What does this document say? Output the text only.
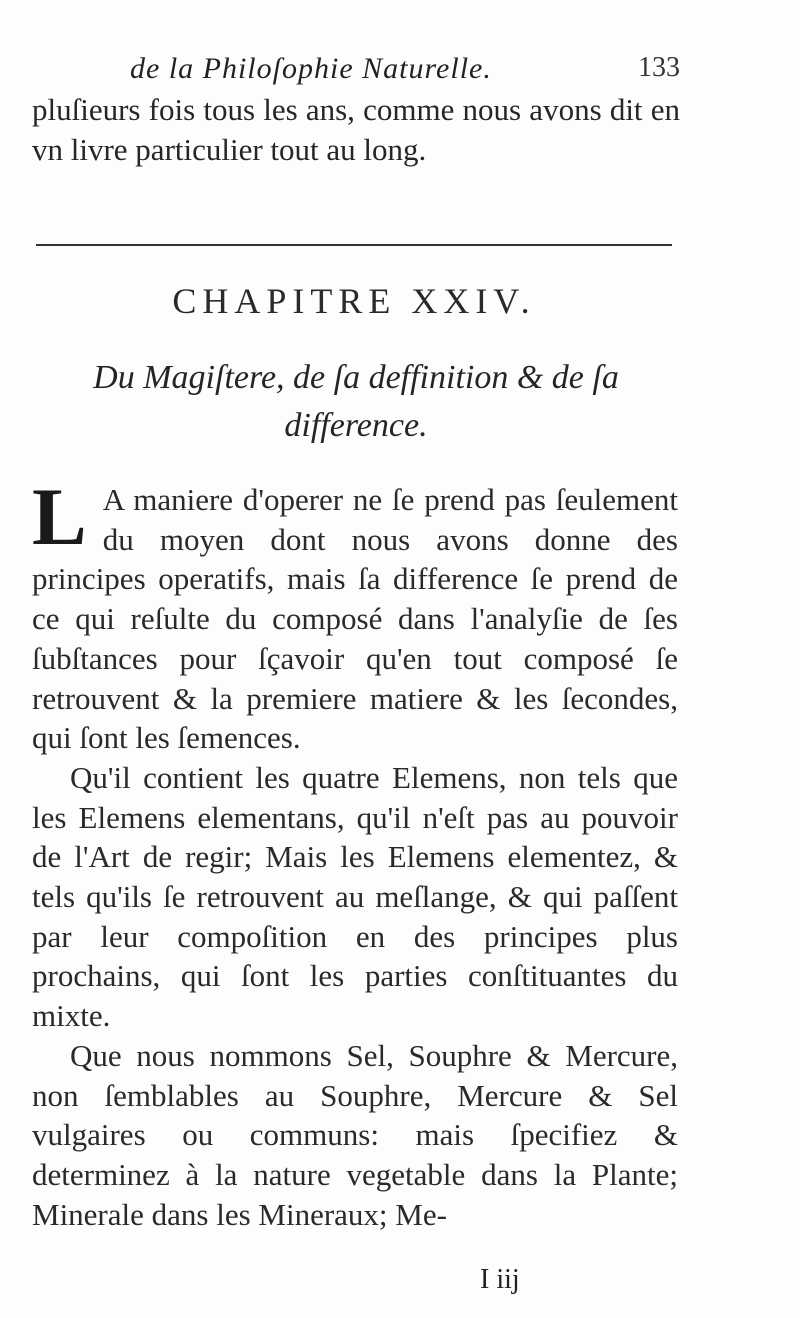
de la Philoſophie Naturelle.	133
pluſieurs fois tous les ans, comme nous avons dit en vn livre particulier tout au long.
CHAPITRE XXIV.
Du Magiſtere, de ſa deffinition & de ſa difference.

L A maniere d'operer ne ſe prend pas ſeulement du moyen dont nous avons donne des principes operatifs, mais ſa difference ſe prend de ce qui reſulte du composé dans l'analyſie de ſes ſubſtances pour ſçavoir qu'en tout composé ſe retrouvent & la premiere matiere & les ſecondes, qui ſont les ſemences.

Qu'il contient les quatre Elemens, non tels que les Elemens elementans, qu'il n'eſt pas au pouvoir de l'Art de regir; Mais les Elemens elementez, & tels qu'ils ſe retrouvent au meſlange, & qui paſſent par leur compoſition en des principes plus prochains, qui ſont les parties conſtituantes du mixte.

Que nous nommons Sel, Souphre & Mercure, non ſemblables au Souphre, Mercure & Sel vulgaires ou communs: mais ſpecifiez & determinez à la nature vegetable dans la Plante; Minerale dans les Mineraux; Me-

I iij
